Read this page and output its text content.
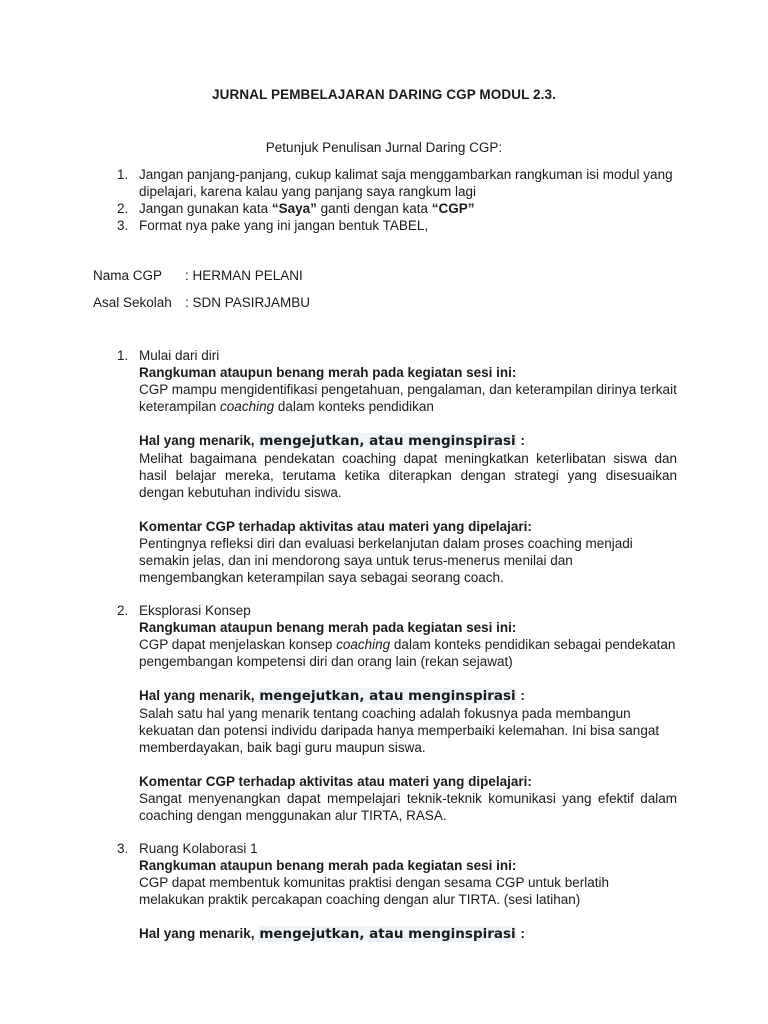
JURNAL PEMBELAJARAN DARING CGP MODUL 2.3.
Petunjuk Penulisan Jurnal Daring CGP:
1. Jangan panjang-panjang, cukup kalimat saja menggambarkan rangkuman isi modul yang dipelajari, karena kalau yang panjang saya rangkum lagi
2. Jangan gunakan kata “Saya” ganti dengan kata “CGP”
3. Format nya pake yang ini jangan bentuk TABEL,
Nama CGP : HERMAN PELANI
Asal Sekolah : SDN PASIRJAMBU
1. Mulai dari diri

Rangkuman ataupun benang merah pada kegiatan sesi ini:

CGP mampu mengidentifikasi pengetahuan, pengalaman, dan keterampilan dirinya terkait keterampilan coaching dalam konteks pendidikan

Hal yang menarik, mengejutkan, atau menginspirasi :

Melihat bagaimana pendekatan coaching dapat meningkatkan keterlibatan siswa dan hasil belajar mereka, terutama ketika diterapkan dengan strategi yang disesuaikan dengan kebutuhan individu siswa.

Komentar CGP terhadap aktivitas atau materi yang dipelajari:

Pentingnya refleksi diri dan evaluasi berkelanjutan dalam proses coaching menjadi semakin jelas, dan ini mendorong saya untuk terus-menerus menilai dan mengembangkan keterampilan saya sebagai seorang coach.

2. Eksplorasi Konsep

Rangkuman ataupun benang merah pada kegiatan sesi ini:

CGP dapat menjelaskan konsep coaching dalam konteks pendidikan sebagai pendekatan pengembangan kompetensi diri dan orang lain (rekan sejawat)

Hal yang menarik, mengejutkan, atau menginspirasi :

Salah satu hal yang menarik tentang coaching adalah fokusnya pada membangun kekuatan dan potensi individu daripada hanya memperbaiki kelemahan. Ini bisa sangat memberdayakan, baik bagi guru maupun siswa.

Komentar CGP terhadap aktivitas atau materi yang dipelajari:

Sangat menyenangkan dapat mempelajari teknik-teknik komunikasi yang efektif dalam coaching dengan menggunakan alur TIRTA, RASA.

3. Ruang Kolaborasi 1

Rangkuman ataupun benang merah pada kegiatan sesi ini:

CGP dapat membentuk komunitas praktisi dengan sesama CGP untuk berlatih melakukan praktik percakapan coaching dengan alur TIRTA. (sesi latihan)

Hal yang menarik, mengejutkan, atau menginspirasi :
